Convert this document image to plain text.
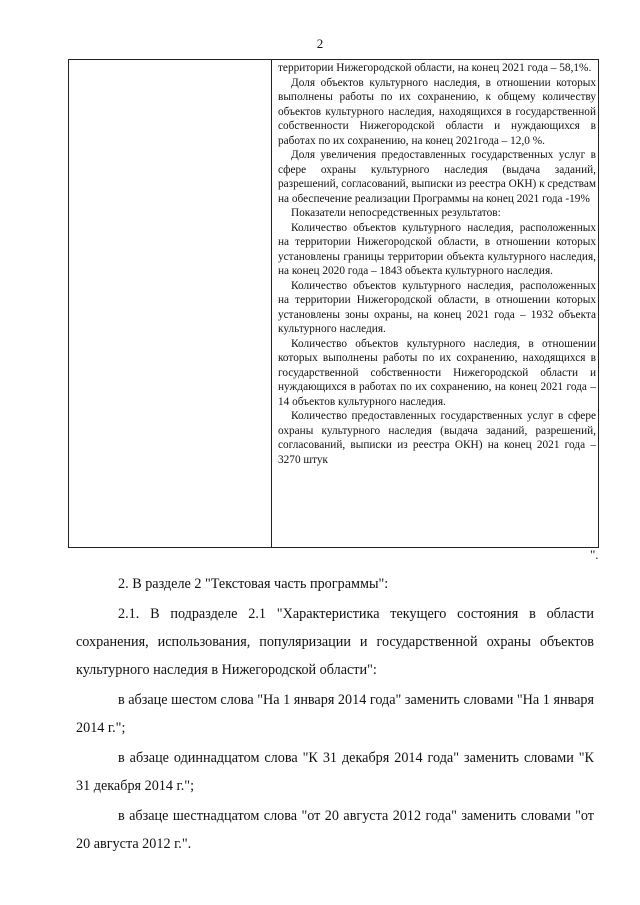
2

территории Нижегородской области, на конец 2021 года – 58,1%.

Доля объектов культурного наследия, в отношении которых выполнены работы по их сохранению, к общему количеству объектов культурного наследия, находящихся в государственной собственности Нижегородской области и нуждающихся в работах по их сохранению, на конец 2021года – 12,0 %.

Доля увеличения предоставленных государственных услуг в сфере охраны культурного наследия (выдача заданий, разрешений, согласований, выписки из реестра ОКН) к средствам на обеспечение реализации Программы на конец 2021 года -19%

Показатели непосредственных результатов:

Количество объектов культурного наследия, расположенных на территории Нижегородской области, в отношении которых установлены границы территории объекта культурного наследия, на конец 2020 года – 1843 объекта культурного наследия.

Количество объектов культурного наследия, расположенных на территории Нижегородской области, в отношении которых установлены зоны охраны, на конец 2021 года – 1932 объекта культурного наследия.

Количество объектов культурного наследия, в отношении которых выполнены работы по их сохранению, находящихся в государственной собственности Нижегородской области и нуждающихся в работах по их сохранению, на конец 2021 года – 14 объектов культурного наследия.

Количество предоставленных государственных услуг в сфере охраны культурного наследия (выдача заданий, разрешений, согласований, выписки из реестра ОКН) на конец 2021 года – 3270 штук

".

2. В разделе 2 "Текстовая часть программы":

2.1. В подразделе 2.1 "Характеристика текущего состояния в области сохранения, использования, популяризации и государственной охраны объектов культурного наследия в Нижегородской области":

в абзаце шестом слова "На 1 января 2014 года" заменить словами "На 1 января 2014 г.";

в абзаце одиннадцатом слова "К 31 декабря 2014 года" заменить словами "К 31 декабря 2014 г.";

в абзаце шестнадцатом слова "от 20 августа 2012 года" заменить словами "от 20 августа 2012 г.".
